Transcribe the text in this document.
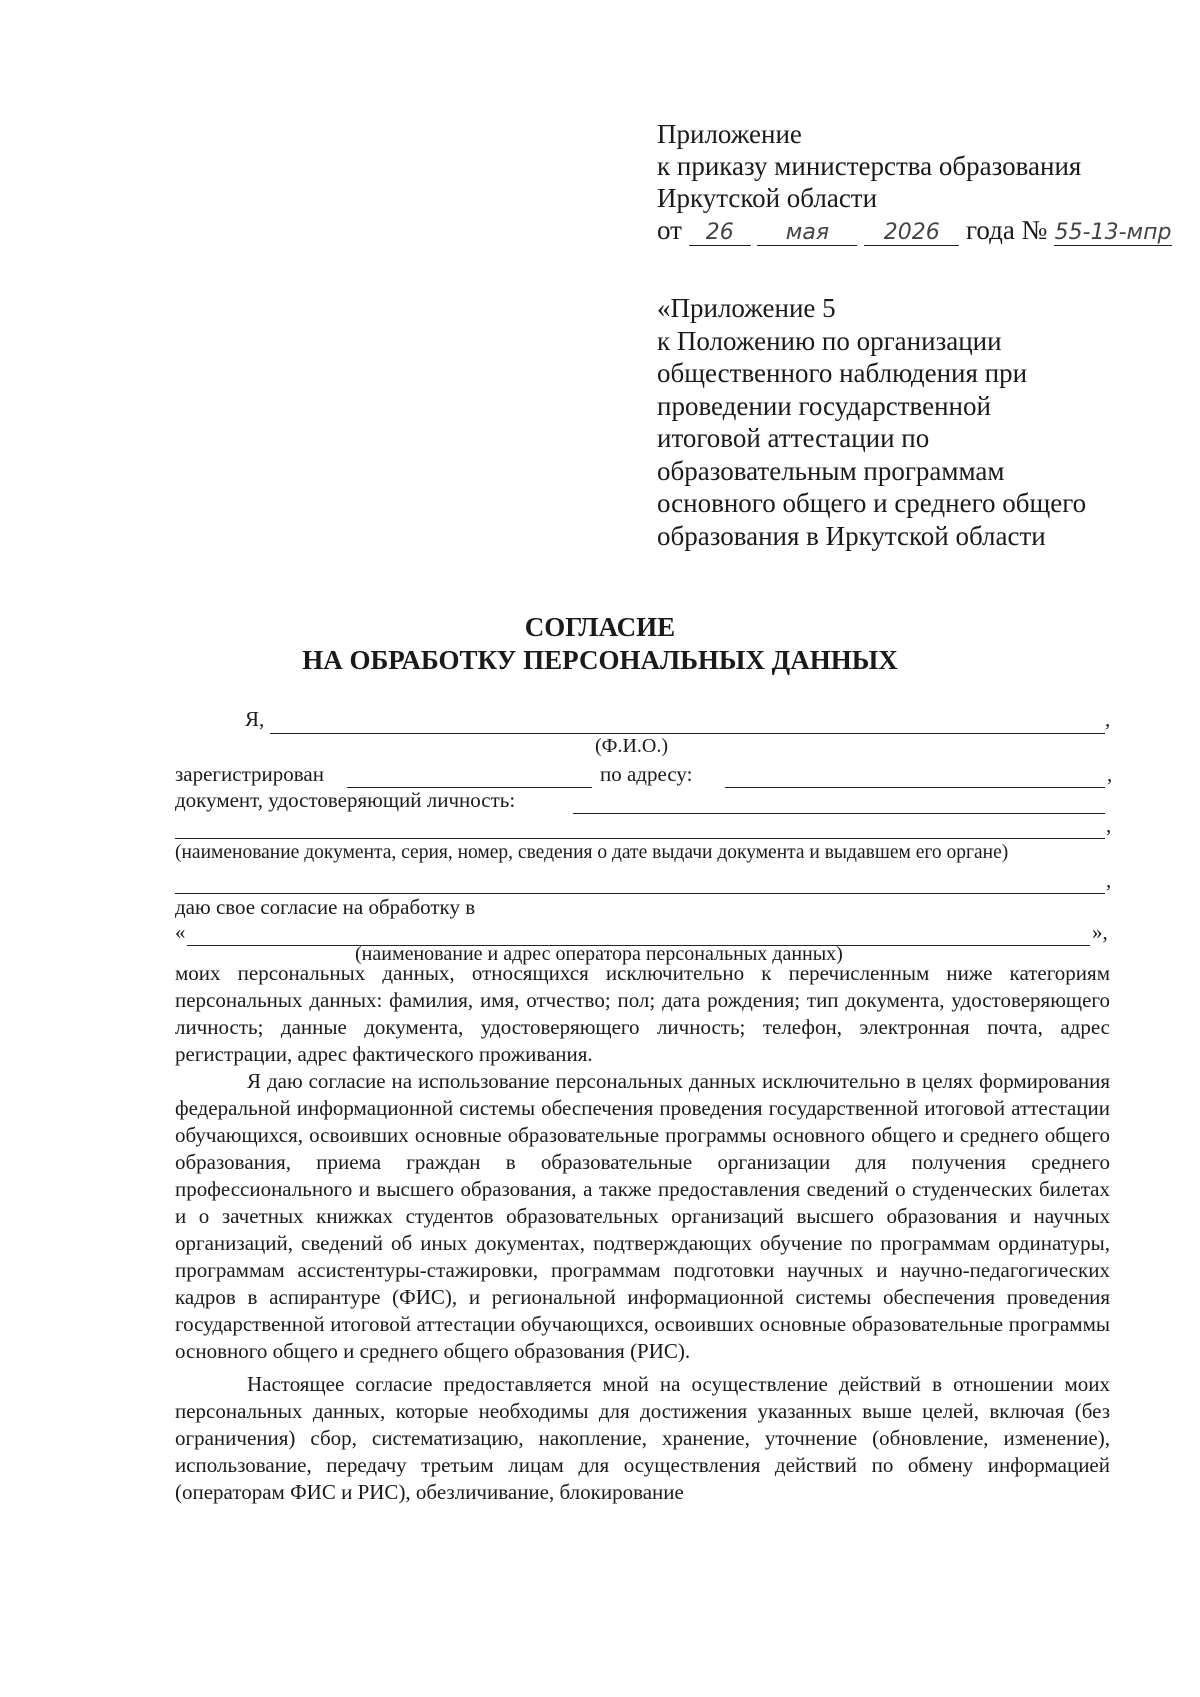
Приложение
к приказу министерства образования
Иркутской области
от 26 мая 2026 года № 55-13-мпр
«Приложение 5
к Положению по организации
общественного наблюдения при
проведении государственной
итоговой аттестации по
образовательным программам
основного общего и среднего общего
образования в Иркутской области
СОГЛАСИЕ
НА ОБРАБОТКУ ПЕРСОНАЛЬНЫХ ДАННЫХ
Я,	,
(Ф.И.О.)
зарегистрирован	по адресу:	,
документ, удостоверяющий личность:
,
(наименование документа, серия, номер, сведения о дате выдачи документа и выдавшем его органе)
,
даю свое согласие на обработку в
«	»,
(наименование и адрес оператора персональных данных)

моих персональных данных, относящихся исключительно к перечисленным ниже категориям персональных данных: фамилия, имя, отчество; пол; дата рождения; тип документа, удостоверяющего личность; данные документа, удостоверяющего личность; телефон, электронная почта, адрес регистрации, адрес фактического проживания.

Я даю согласие на использование персональных данных исключительно в целях формирования федеральной информационной системы обеспечения проведения государственной итоговой аттестации обучающихся, освоивших основные образовательные программы основного общего и среднего общего образования, приема граждан в образовательные организации для получения среднего профессионального и высшего образования, а также предоставления сведений о студенческих билетах и о зачетных книжках студентов образовательных организаций высшего образования и научных организаций, сведений об иных документах, подтверждающих обучение по программам ординатуры, программам ассистентуры-стажировки, программам подготовки научных и научно-педагогических кадров в аспирантуре (ФИС), и региональной информационной системы обеспечения проведения государственной итоговой аттестации обучающихся, освоивших основные образовательные программы основного общего и среднего общего образования (РИС).

Настоящее согласие предоставляется мной на осуществление действий в отношении моих персональных данных, которые необходимы для достижения указанных выше целей, включая (без ограничения) сбор, систематизацию, накопление, хранение, уточнение (обновление, изменение), использование, передачу третьим лицам для осуществления действий по обмену информацией (операторам ФИС и РИС), обезличивание, блокирование
